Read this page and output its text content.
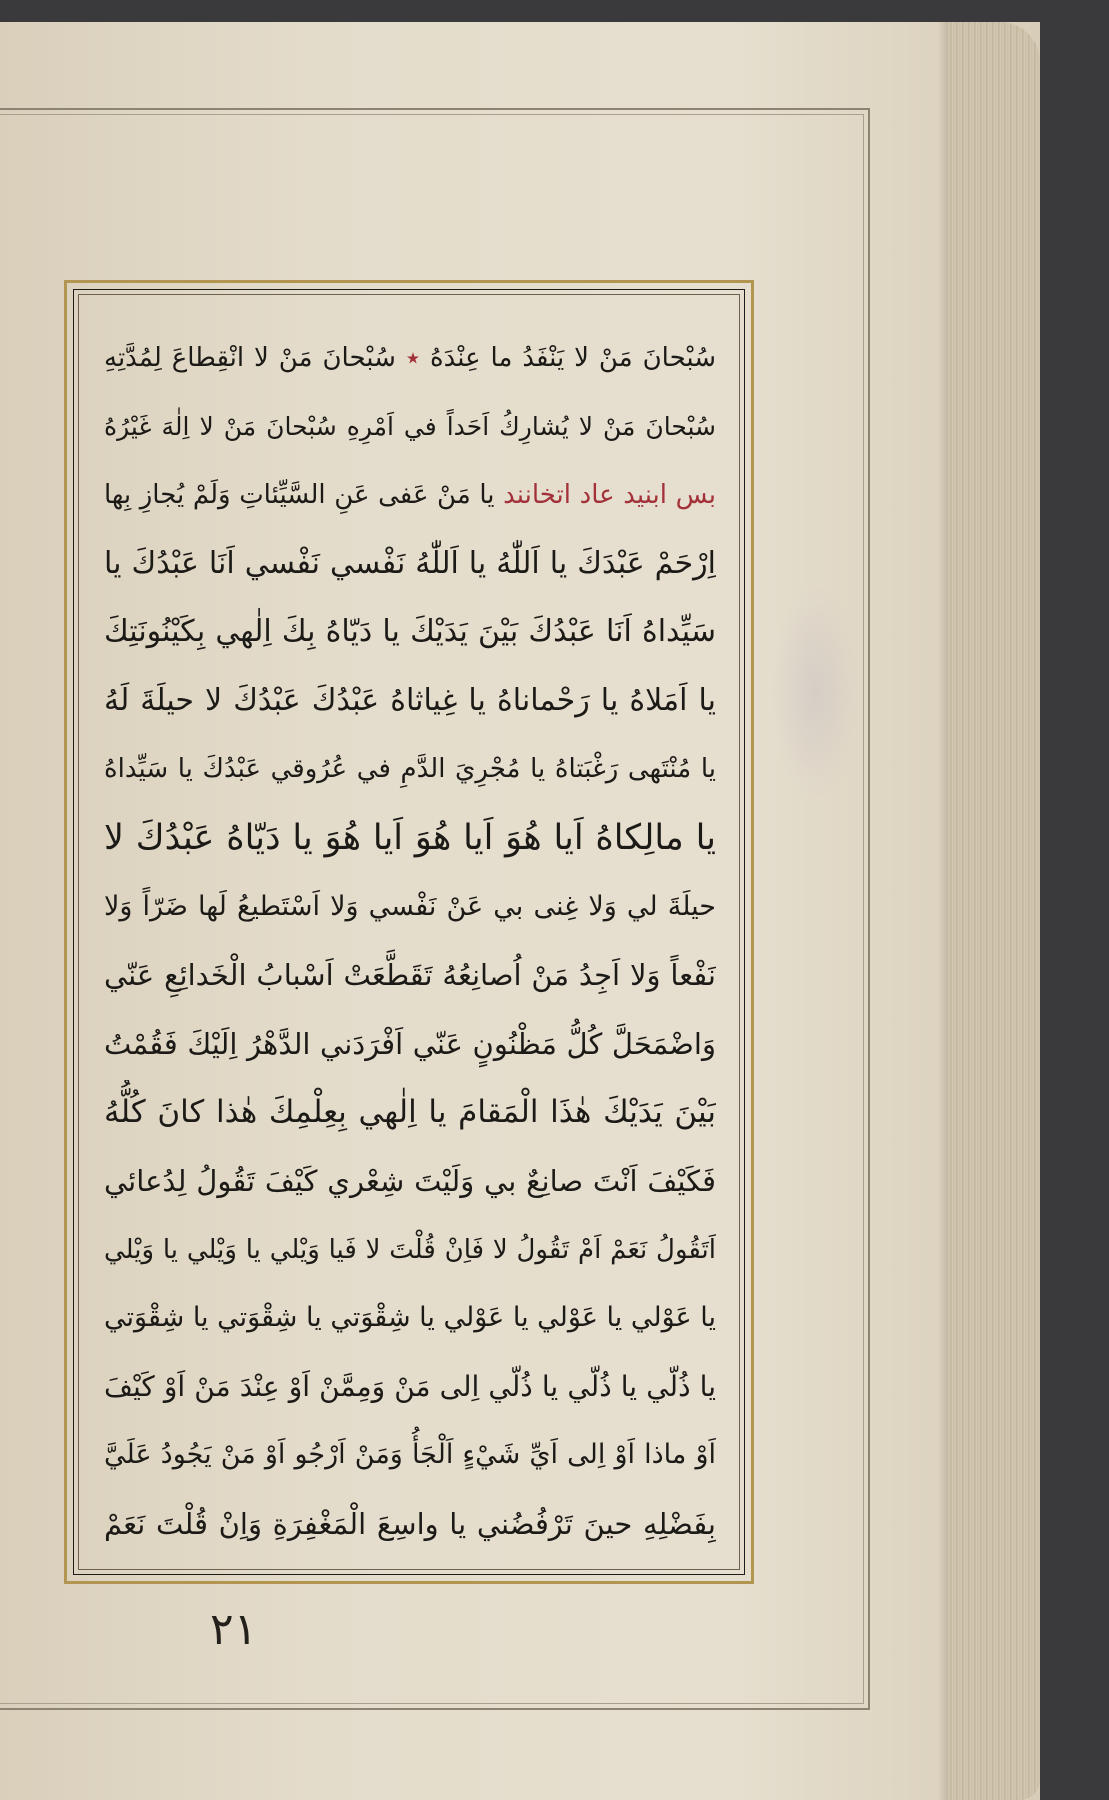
سُبْحانَ مَنْ لا يَنْفَدُ ما عِنْدَهُ ٭ سُبْحانَ مَنْ لا انْقِطاعَ لِمُدَّتِهِ
سُبْحانَ مَنْ لا يُشارِكُ اَحَداً في اَمْرِهِ سُبْحانَ مَنْ لا اِلٰهَ غَيْرُهُ
بس ابنيد عاد اتخانند يا مَنْ عَفى عَنِ السَّيِّئاتِ وَلَمْ يُجازِ بِها
اِرْحَمْ عَبْدَكَ يا اَللّٰهُ يا اَللّٰهُ نَفْسي نَفْسي اَنَا عَبْدُكَ يا
سَيِّداهُ اَنَا عَبْدُكَ بَيْنَ يَدَيْكَ يا دَيّاهُ بِكَ اِلٰهي بِكَيْنُونَتِكَ
يا اَمَلاهُ يا رَحْماناهُ يا غِياثاهُ عَبْدُكَ عَبْدُكَ لا حيلَةَ لَهُ
يا مُنْتَهى رَغْبَتاهُ يا مُجْرِيَ الدَّمِ في عُرُوقي عَبْدُكَ يا سَيِّداهُ
يا مالِكاهُ اَيا هُوَ اَيا هُوَ اَيا هُوَ يا دَيّاهُ عَبْدُكَ لا
حيلَةَ لي وَلا غِنى بي عَنْ نَفْسي وَلا اَسْتَطيعُ لَها ضَرّاً وَلا
نَفْعاً وَلا اَجِدُ مَنْ اُصانِعُهُ تَقَطَّعَتْ اَسْبابُ الْخَدائِعِ عَنّي
وَاضْمَحَلَّ كُلُّ مَظْنُونٍ عَنّي اَفْرَدَني الدَّهْرُ اِلَيْكَ فَقُمْتُ
بَيْنَ يَدَيْكَ هٰذَا الْمَقامَ يا اِلٰهي بِعِلْمِكَ هٰذا كانَ كُلُّهُ
فَكَيْفَ اَنْتَ صانِعٌ بي وَلَيْتَ شِعْري كَيْفَ تَقُولُ لِدُعائي
اَتَقُولُ نَعَمْ اَمْ تَقُولُ لا فَاِنْ قُلْتَ لا فَيا وَيْلي يا وَيْلي يا وَيْلي
يا عَوْلي يا عَوْلي يا عَوْلي يا شِقْوَتي يا شِقْوَتي يا شِقْوَتي
يا ذُلّي يا ذُلّي يا ذُلّي اِلى مَنْ وَمِمَّنْ اَوْ عِنْدَ مَنْ اَوْ كَيْفَ
اَوْ ماذا اَوْ اِلى اَيِّ شَيْءٍ اَلْجَأُ وَمَنْ اَرْجُو اَوْ مَنْ يَجُودُ عَلَيَّ
بِفَضْلِهِ حينَ تَرْفُضُني يا واسِعَ الْمَغْفِرَةِ وَاِنْ قُلْتَ نَعَمْ
٢١
